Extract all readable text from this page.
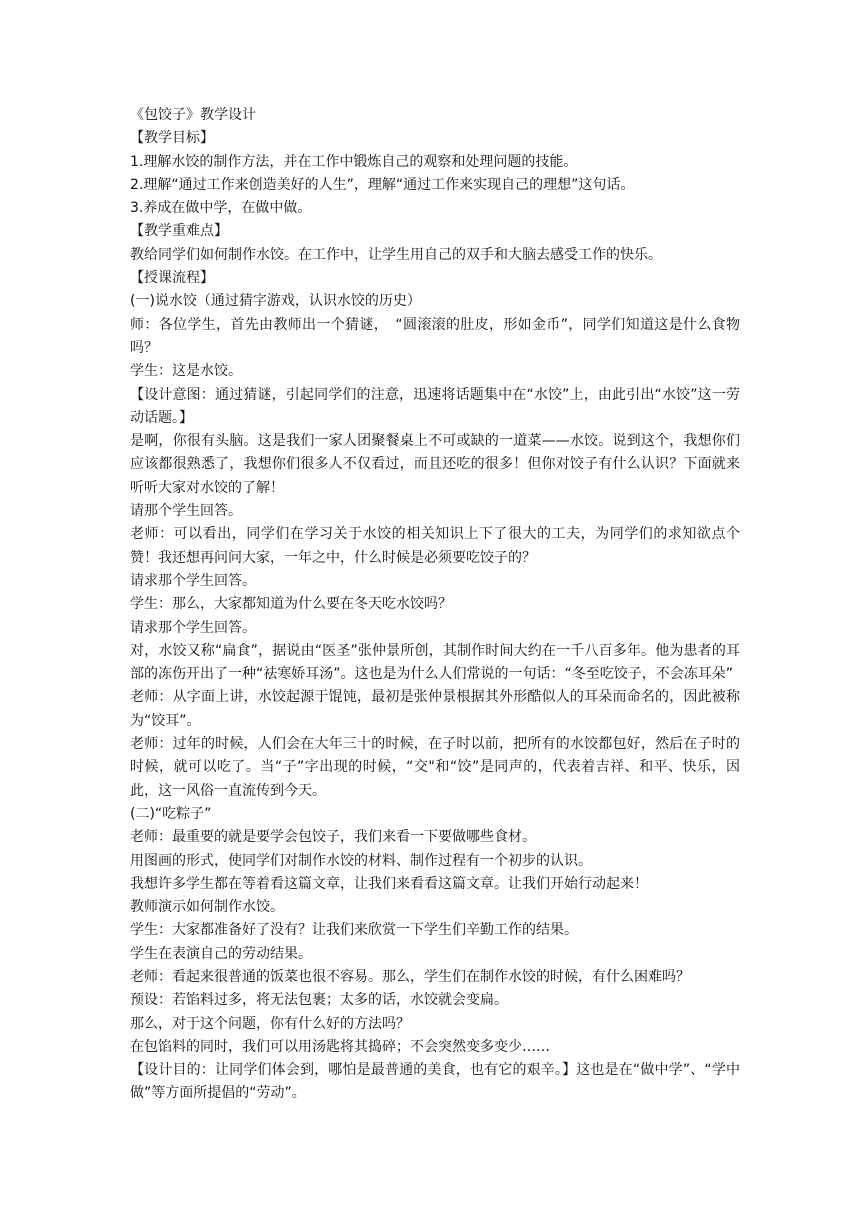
《包饺子》教学设计
【教学目标】
1.理解水饺的制作方法，并在工作中锻炼自己的观察和处理问题的技能。
2.理解“通过工作来创造美好的人生”，理解“通过工作来实现自己的理想”这句话。
3.养成在做中学，在做中做。
【教学重难点】
教给同学们如何制作水饺。在工作中，让学生用自己的双手和大脑去感受工作的快乐。
【授课流程】
(一)说水饺（通过猜字游戏，认识水饺的历史）

师：各位学生，首先由教师出一个猜谜，　“圆滚滚的肚皮，形如金币”，同学们知道这是什么食物吗？

学生：这是水饺。

【设计意图：通过猜谜，引起同学们的注意，迅速将话题集中在“水饺”上，由此引出“水饺”这一劳动话题。】

是啊，你很有头脑。这是我们一家人团聚餐桌上不可或缺的一道菜——水饺。说到这个，我想你们应该都很熟悉了，我想你们很多人不仅看过，而且还吃的很多！但你对饺子有什么认识？下面就来听听大家对水饺的了解！

请那个学生回答。

老师：可以看出，同学们在学习关于水饺的相关知识上下了很大的工夫，为同学们的求知欲点个赞！我还想再问问大家，一年之中，什么时候是必须要吃饺子的？

请求那个学生回答。

学生：那么，大家都知道为什么要在冬天吃水饺吗？

请求那个学生回答。

对，水饺又称“扁食”，据说由“医圣”张仲景所创，其制作时间大约在一千八百多年。他为患者的耳部的冻伤开出了一种“祛寒娇耳汤”。这也是为什么人们常说的一句话：“冬至吃饺子，不会冻耳朵”

老师：从字面上讲，水饺起源于馄饨，最初是张仲景根据其外形酷似人的耳朵而命名的，因此被称为“饺耳”。

老师：过年的时候，人们会在大年三十的时候，在子时以前，把所有的水饺都包好，然后在子时的时候，就可以吃了。当“子”字出现的时候，“交"和“饺”是同声的，代表着吉祥、和平、快乐，因此，这一风俗一直流传到今天。

(二)“吃粽子”

老师：最重要的就是要学会包饺子，我们来看一下要做哪些食材。

用图画的形式，使同学们对制作水饺的材料、制作过程有一个初步的认识。

我想许多学生都在等着看这篇文章，让我们来看看这篇文章。让我们开始行动起来！

教师演示如何制作水饺。

学生：大家都准备好了没有？让我们来欣赏一下学生们辛勤工作的结果。

学生在表演自己的劳动结果。

老师：看起来很普通的饭菜也很不容易。那么，学生们在制作水饺的时候，有什么困难吗？

预设：若馅料过多，将无法包裹；太多的话，水饺就会变扁。

那么，对于这个问题，你有什么好的方法吗？

在包馅料的同时，我们可以用汤匙将其捣碎；不会突然变多变少……

【设计目的：让同学们体会到，哪怕是最普通的美食，也有它的艰辛。】这也是在“做中学”、“学中做”等方面所提倡的“劳动”。
